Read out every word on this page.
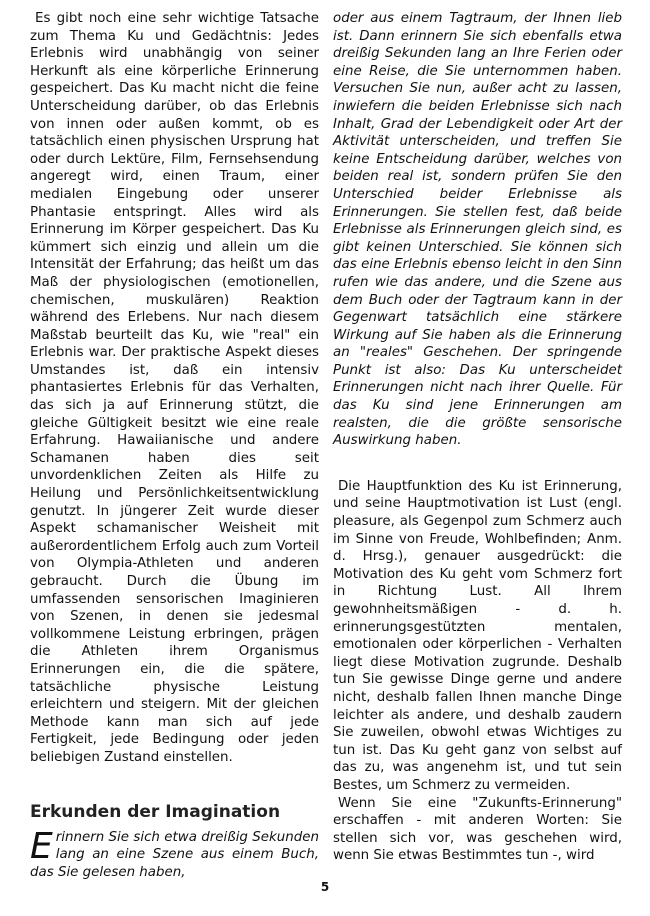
Es gibt noch eine sehr wichtige Tatsache zum Thema Ku und Gedächtnis: Jedes Erlebnis wird unabhängig von seiner Herkunft als eine körperliche Erinnerung gespeichert. Das Ku macht nicht die feine Unterscheidung darüber, ob das Erlebnis von innen oder außen kommt, ob es tatsächlich einen physischen Ursprung hat oder durch Lektüre, Film, Fernsehsendung angeregt wird, einen Traum, einer medialen Eingebung oder unserer Phantasie entspringt. Alles wird als Erinnerung im Körper gespeichert. Das Ku kümmert sich einzig und allein um die Intensität der Erfahrung; das heißt um das Maß der physiologischen (emotionellen, chemischen, muskulären) Reaktion während des Erlebens. Nur nach diesem Maßstab beurteilt das Ku, wie "real" ein Erlebnis war. Der praktische Aspekt dieses Umstandes ist, daß ein intensiv phantasiertes Erlebnis für das Verhalten, das sich ja auf Erinnerung stützt, die gleiche Gültigkeit besitzt wie eine reale Erfahrung. Hawaiianische und andere Schamanen haben dies seit unvordenklichen Zeiten als Hilfe zu Heilung und Persönlichkeitsentwicklung genutzt. In jüngerer Zeit wurde dieser Aspekt schamanischer Weisheit mit außerordentlichem Erfolg auch zum Vorteil von Olympia-Athleten und anderen gebraucht. Durch die Übung im umfassenden sensorischen Imaginieren von Szenen, in denen sie jedesmal vollkommene Leistung erbringen, prägen die Athleten ihrem Organismus Erinnerungen ein, die die spätere, tatsächliche physische Leistung erleichtern und steigern. Mit der gleichen Methode kann man sich auf jede Fertigkeit, jede Bedingung oder jeden beliebigen Zustand einstellen.

Erkunden der Imagination

Erinnern Sie sich etwa dreißig Sekunden lang an eine Szene aus einem Buch, das Sie gelesen haben,

oder aus einem Tagtraum, der Ihnen lieb ist. Dann erinnern Sie sich ebenfalls etwa dreißig Sekunden lang an Ihre Ferien oder eine Reise, die Sie unternommen haben. Versuchen Sie nun, außer acht zu lassen, inwiefern die beiden Erlebnisse sich nach Inhalt, Grad der Lebendigkeit oder Art der Aktivität unterscheiden, und treffen Sie keine Entscheidung darüber, welches von beiden real ist, sondern prüfen Sie den Unterschied beider Erlebnisse als Erinnerungen. Sie stellen fest, daß beide Erlebnisse als Erinnerungen gleich sind, es gibt keinen Unterschied. Sie können sich das eine Erlebnis ebenso leicht in den Sinn rufen wie das andere, und die Szene aus dem Buch oder der Tagtraum kann in der Gegenwart tatsächlich eine stärkere Wirkung auf Sie haben als die Erinnerung an "reales" Geschehen. Der springende Punkt ist also: Das Ku unterscheidet Erinnerungen nicht nach ihrer Quelle. Für das Ku sind jene Erinnerungen am realsten, die die größte sensorische Auswirkung haben.

Die Hauptfunktion des Ku ist Erinnerung, und seine Hauptmotivation ist Lust (engl. pleasure, als Gegenpol zum Schmerz auch im Sinne von Freude, Wohlbefinden; Anm. d. Hrsg.), genauer ausgedrückt: die Motivation des Ku geht vom Schmerz fort in Richtung Lust. All Ihrem gewohnheitsmäßigen - d. h. erinnerungsgestützten mentalen, emotionalen oder körperlichen - Verhalten liegt diese Motivation zugrunde. Deshalb tun Sie gewisse Dinge gerne und andere nicht, deshalb fallen Ihnen manche Dinge leichter als andere, und deshalb zaudern Sie zuweilen, obwohl etwas Wichtiges zu tun ist. Das Ku geht ganz von selbst auf das zu, was angenehm ist, und tut sein Bestes, um Schmerz zu vermeiden.

Wenn Sie eine "Zukunfts-Erinnerung" erschaffen - mit anderen Worten: Sie stellen sich vor, was geschehen wird, wenn Sie etwas Bestimmtes tun -, wird

5
